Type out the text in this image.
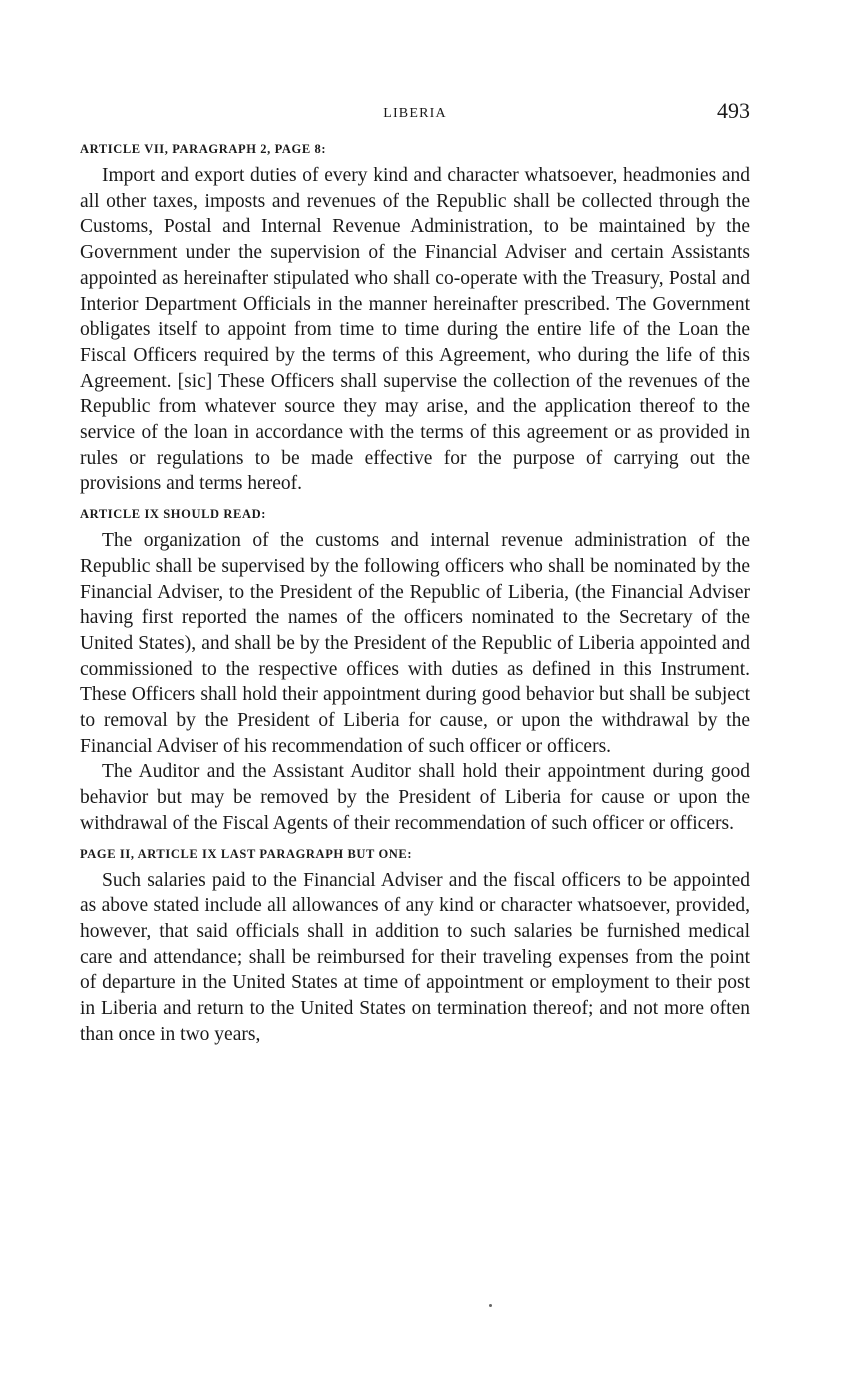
LIBERIA	493
ARTICLE VII, PARAGRAPH 2, PAGE 8:

Import and export duties of every kind and character whatsoever, headmonies and all other taxes, imposts and revenues of the Republic shall be collected through the Customs, Postal and Internal Revenue Administration, to be maintained by the Government under the supervision of the Financial Adviser and certain Assistants appointed as hereinafter stipulated who shall co-operate with the Treasury, Postal and Interior Department Officials in the manner hereinafter prescribed. The Government obligates itself to appoint from time to time during the entire life of the Loan the Fiscal Officers required by the terms of this Agreement, who during the life of this Agreement. [sic] These Officers shall supervise the collection of the revenues of the Republic from whatever source they may arise, and the application thereof to the service of the loan in accordance with the terms of this agreement or as provided in rules or regulations to be made effective for the purpose of carrying out the provisions and terms hereof.

ARTICLE IX SHOULD READ:

The organization of the customs and internal revenue administration of the Republic shall be supervised by the following officers who shall be nominated by the Financial Adviser, to the President of the Republic of Liberia, (the Financial Adviser having first reported the names of the officers nominated to the Secretary of the United States), and shall be by the President of the Republic of Liberia appointed and commissioned to the respective offices with duties as defined in this Instrument. These Officers shall hold their appointment during good behavior but shall be subject to removal by the President of Liberia for cause, or upon the withdrawal by the Financial Adviser of his recommendation of such officer or officers.

The Auditor and the Assistant Auditor shall hold their appointment during good behavior but may be removed by the President of Liberia for cause or upon the withdrawal of the Fiscal Agents of their recommendation of such officer or officers.

PAGE II, ARTICLE IX LAST PARAGRAPH BUT ONE:

Such salaries paid to the Financial Adviser and the fiscal officers to be appointed as above stated include all allowances of any kind or character whatsoever, provided, however, that said officials shall in addition to such salaries be furnished medical care and attendance; shall be reimbursed for their traveling expenses from the point of departure in the United States at time of appointment or employment to their post in Liberia and return to the United States on termination thereof; and not more often than once in two years,
